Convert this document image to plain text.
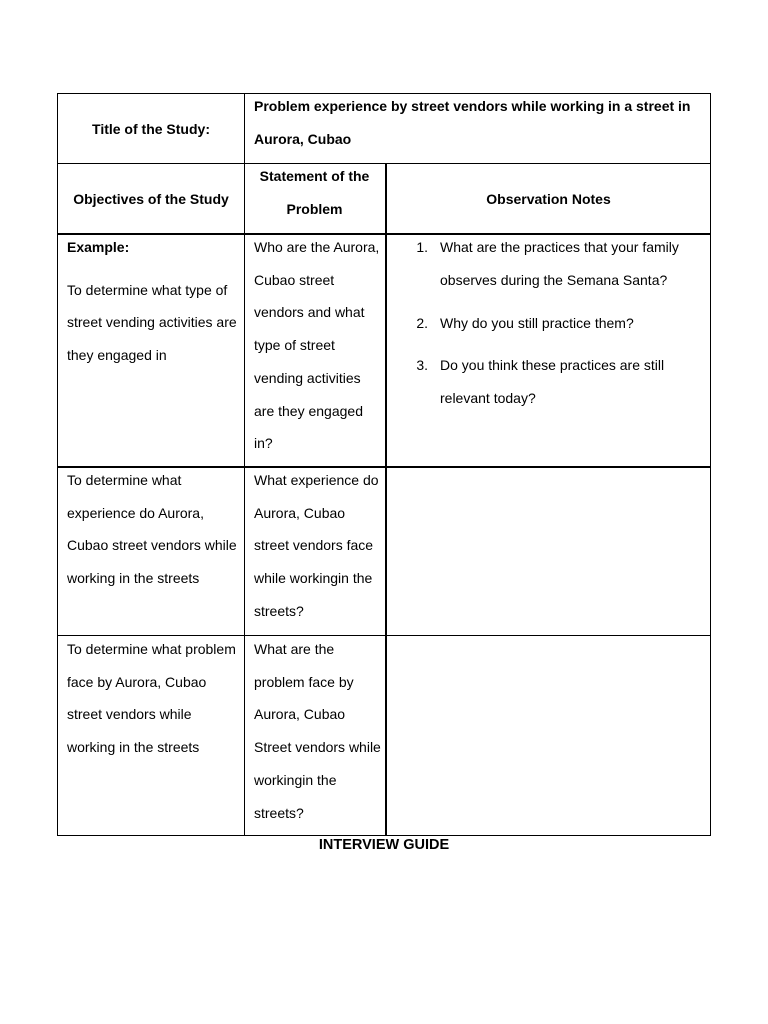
Title of the Study:
Problem experience by street vendors while working in a street in Aurora, Cubao
Objectives of the Study
Statement of the Problem
Observation Notes
Example:
To determine what type of street vending activities are they engaged in
Who are the Aurora, Cubao street vendors and what type of street vending activities are they engaged in?
1. What are the practices that your family observes during the Semana Santa?
2. Why do you still practice them?
3. Do you think these practices are still relevant today?
To determine what experience do Aurora, Cubao street vendors while working in the streets
What experience do Aurora, Cubao street vendors face while workingin the streets?
To determine what problem face by Aurora, Cubao street vendors while working in the streets
What are the problem face by Aurora, Cubao Street vendors while workingin the streets?
INTERVIEW GUIDE
